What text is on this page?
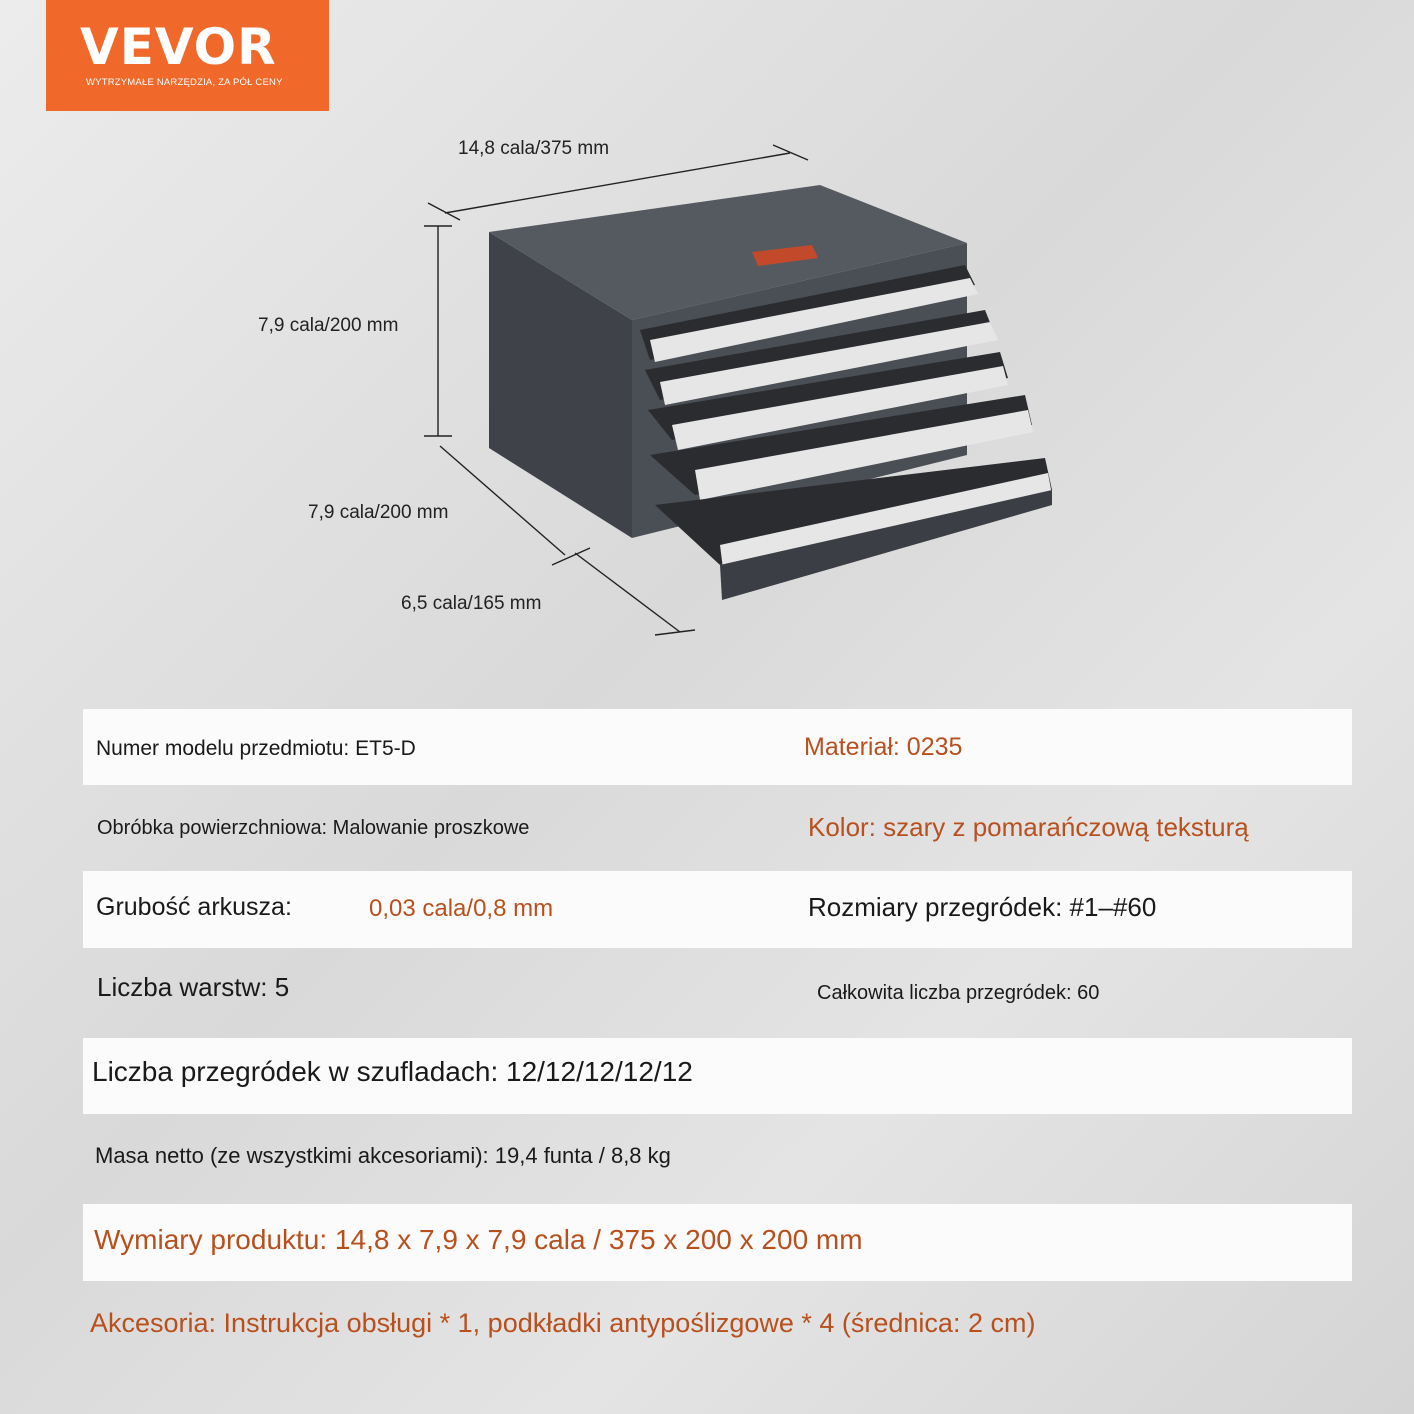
VEVOR
WYTRZYMAŁE NARZĘDZIA, ZA PÓŁ CENY
14,8 cala/375 mm
7,9 cala/200 mm
7,9 cala/200 mm
6,5 cala/165 mm
Numer modelu przedmiotu: ET5-D	Materiał: 0235
Obróbka powierzchniowa: Malowanie proszkowe	Kolor: szary z pomarańczową teksturą
Grubość arkusza:	0,03 cala/0,8 mm	Rozmiary przegródek: #1–#60
Liczba warstw: 5	Całkowita liczba przegródek: 60
Liczba przegródek w szufladach: 12/12/12/12/12
Masa netto (ze wszystkimi akcesoriami): 19,4 funta / 8,8 kg
Wymiary produktu: 14,8 x 7,9 x 7,9 cala / 375 x 200 x 200 mm
Akcesoria: Instrukcja obsługi * 1, podkładki antypoślizgowe * 4 (średnica: 2 cm)
